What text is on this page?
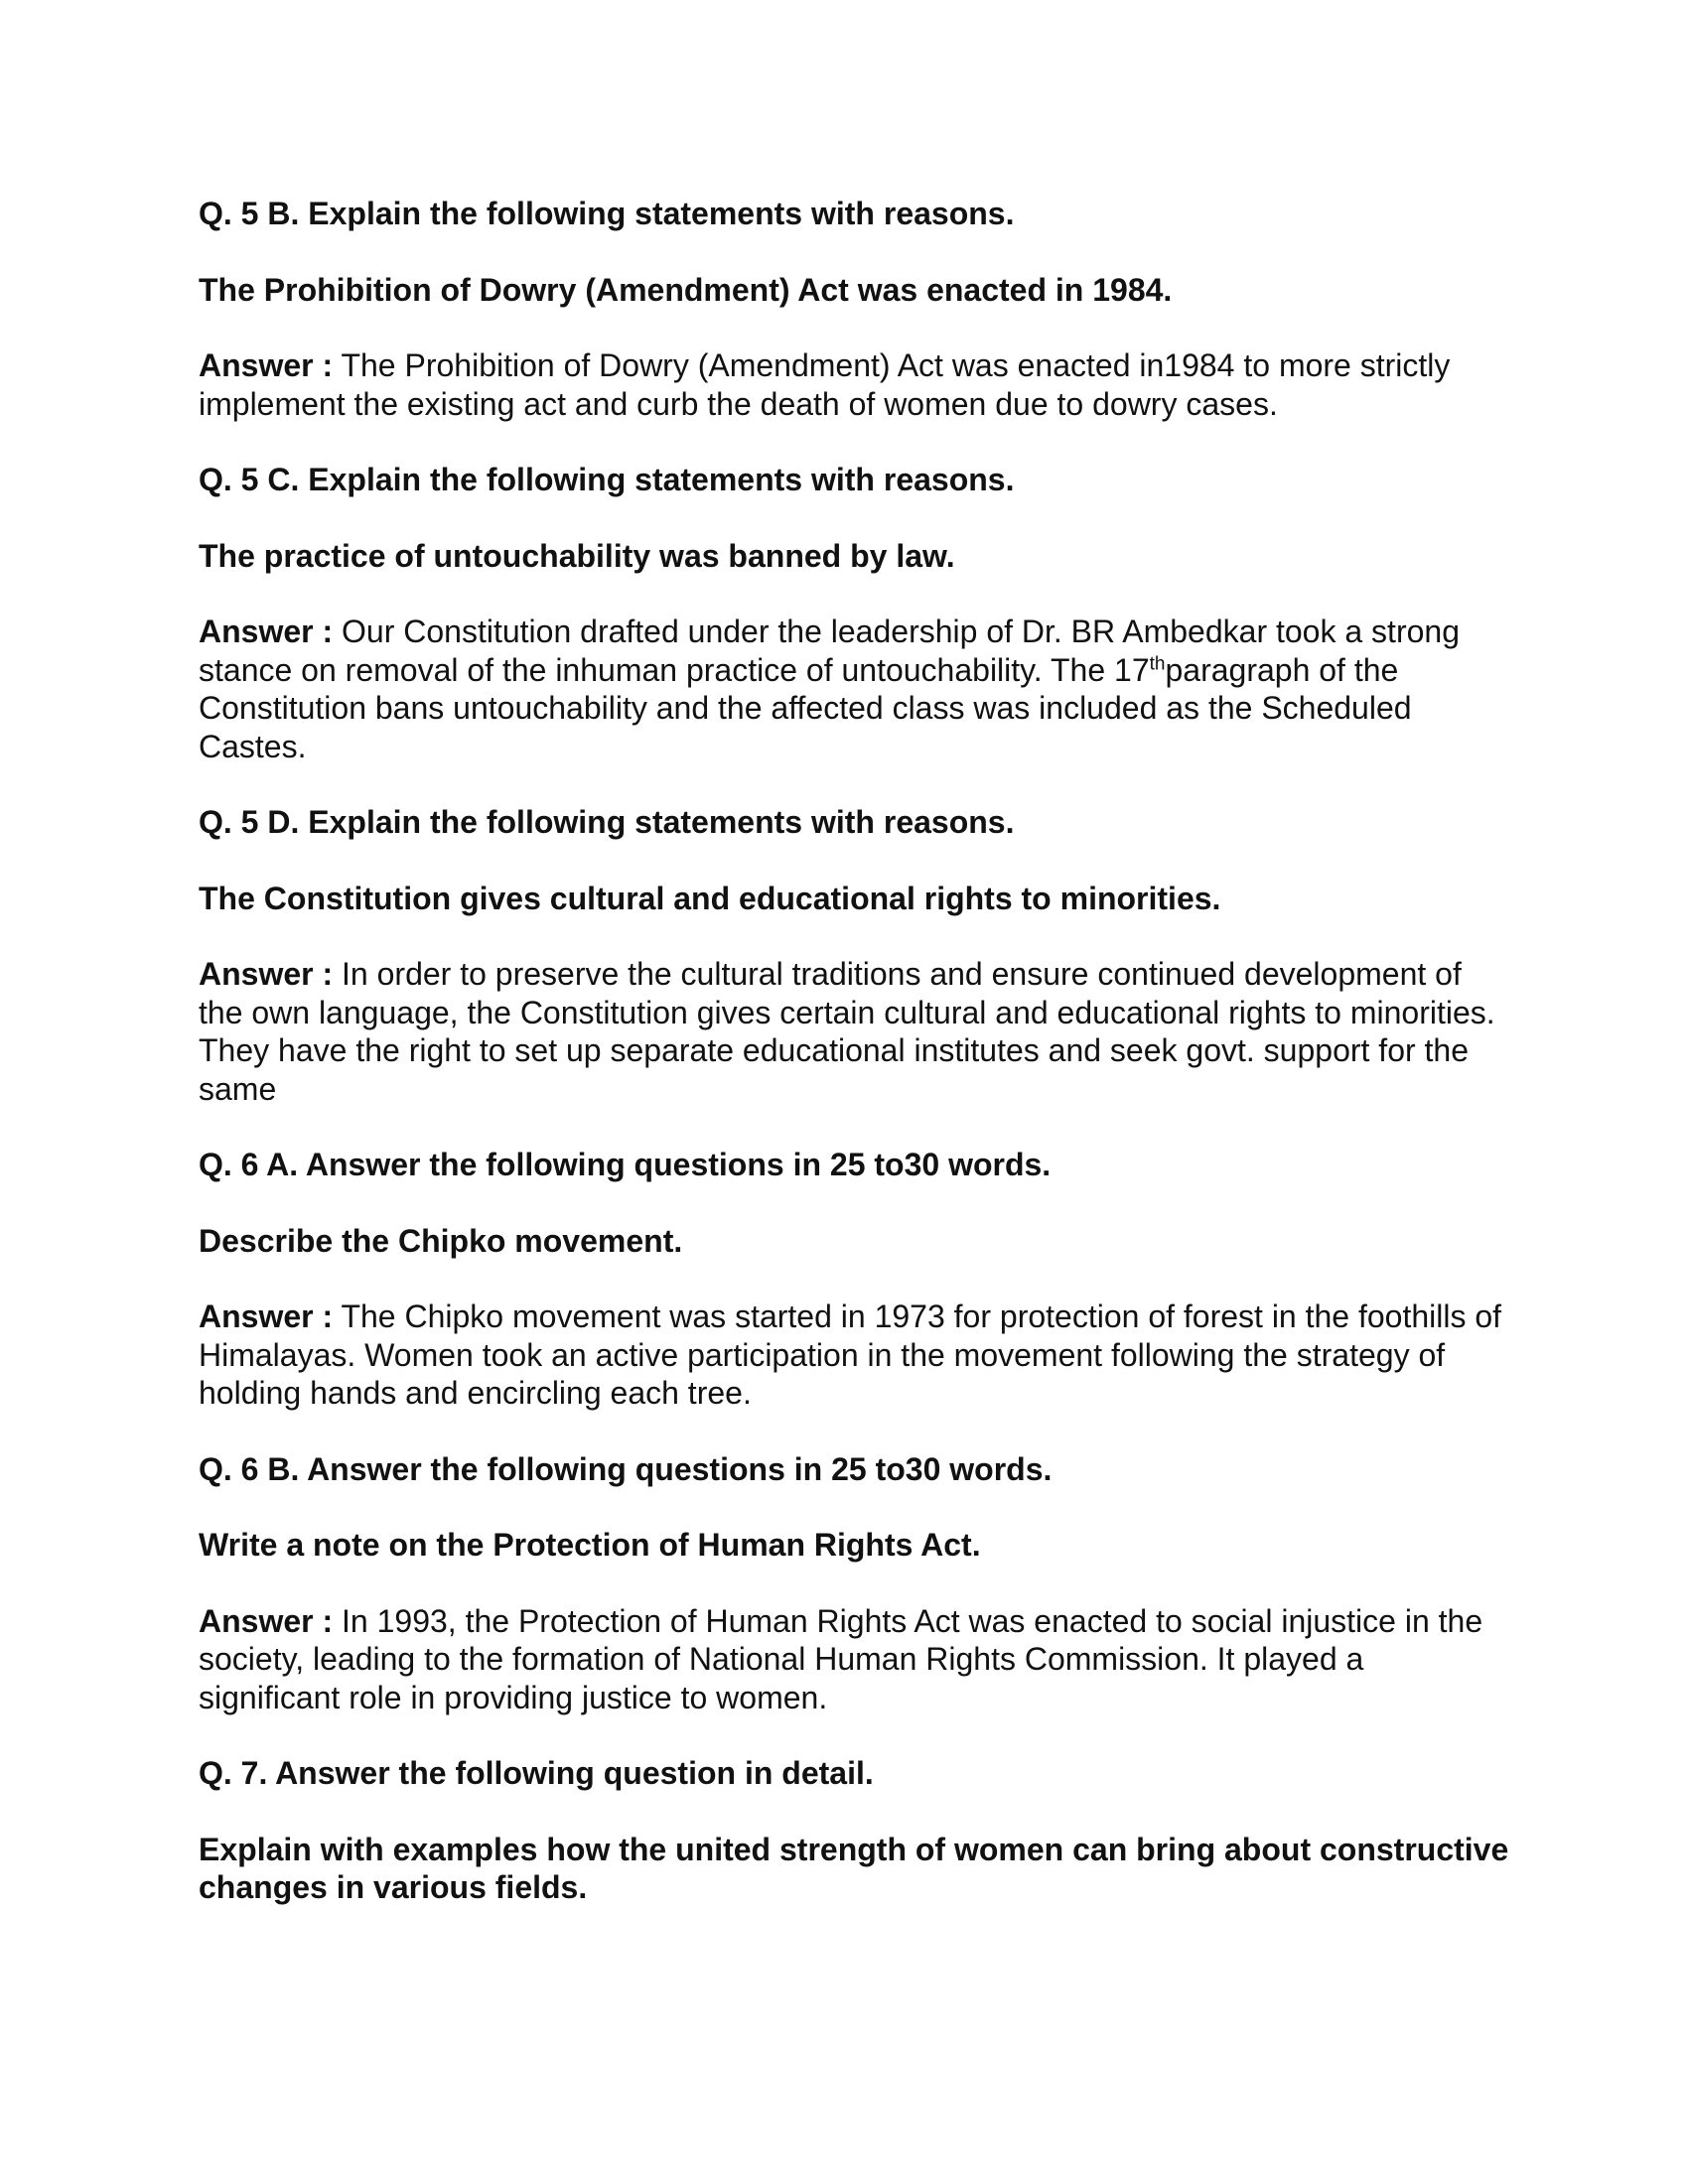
Q. 5 B. Explain the following statements with reasons.

The Prohibition of Dowry (Amendment) Act was enacted in 1984.

Answer : The Prohibition of Dowry (Amendment) Act was enacted in1984 to more strictly implement the existing act and curb the death of women due to dowry cases.

Q. 5 C. Explain the following statements with reasons.

The practice of untouchability was banned by law.

Answer : Our Constitution drafted under the leadership of Dr. BR Ambedkar took a strong stance on removal of the inhuman practice of untouchability. The 17thparagraph of the Constitution bans untouchability and the affected class was included as the Scheduled Castes.

Q. 5 D. Explain the following statements with reasons.

The Constitution gives cultural and educational rights to minorities.

Answer : In order to preserve the cultural traditions and ensure continued development of the own language, the Constitution gives certain cultural and educational rights to minorities. They have the right to set up separate educational institutes and seek govt. support for the same

Q. 6 A. Answer the following questions in 25 to30 words.

Describe the Chipko movement.

Answer : The Chipko movement was started in 1973 for protection of forest in the foothills of Himalayas. Women took an active participation in the movement following the strategy of holding hands and encircling each tree.

Q. 6 B. Answer the following questions in 25 to30 words.

Write a note on the Protection of Human Rights Act.

Answer : In 1993, the Protection of Human Rights Act was enacted to social injustice in the society, leading to the formation of National Human Rights Commission. It played a significant role in providing justice to women.

Q. 7. Answer the following question in detail.

Explain with examples how the united strength of women can bring about constructive changes in various fields.
